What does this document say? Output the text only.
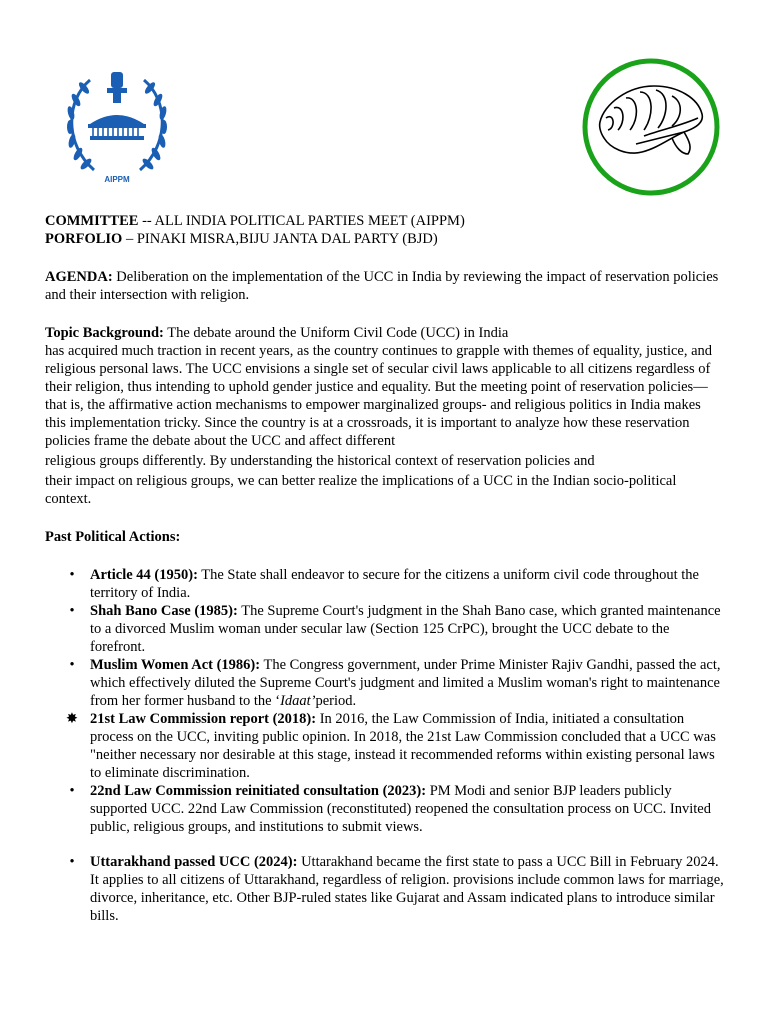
AIPPM

COMMITTEE -- ALL INDIA POLITICAL PARTIES MEET (AIPPM)

PORFOLIO – PINAKI MISRA,BIJU JANTA DAL PARTY (BJD)

AGENDA: Deliberation on the implementation of the UCC in India by reviewing the impact of reservation policies and their intersection with religion.

Topic Background: The debate around the Uniform Civil Code (UCC) in India

has acquired much traction in recent years, as the country continues to grapple with themes of equality, justice, and religious personal laws. The UCC envisions a single set of secular civil laws applicable to all citizens regardless of their religion, thus intending to uphold gender justice and equality. But the meeting point of reservation policies—that is, the affirmative action mechanisms to empower marginalized groups- and religious politics in India makes this implementation tricky. Since the country is at a crossroads, it is important to analyze how these reservation policies frame the debate about the UCC and affect different

religious groups differently. By understanding the historical context of reservation policies and

their impact on religious groups, we can better realize the implications of a UCC in the Indian socio-political context.

Past Political Actions:

•	Article 44 (1950): The State shall endeavor to secure for the citizens a uniform civil code throughout the territory of India.
•	Shah Bano Case (1985): The Supreme Court's judgment in the Shah Bano case, which granted maintenance to a divorced Muslim woman under secular law (Section 125 CrPC), brought the UCC debate to the forefront.
•	Muslim Women Act (1986): The Congress government, under Prime Minister Rajiv Gandhi, passed the act, which effectively diluted the Supreme Court's judgment and limited a Muslim woman's right to maintenance from her former husband to the ‘Idaat’period.
✸ 21st Law Commission report (2018): In 2016, the Law Commission of India, initiated a consultation process on the UCC, inviting public opinion. In 2018, the 21st Law Commission concluded that a UCC was "neither necessary nor desirable at this stage, instead it recommended reforms within existing personal laws to eliminate discrimination.
•	22nd Law Commission reinitiated consultation (2023): PM Modi and senior BJP leaders publicly supported UCC. 22nd Law Commission (reconstituted) reopened the consultation process on UCC. Invited public, religious groups, and institutions to submit views.
•	Uttarakhand passed UCC (2024): Uttarakhand became the first state to pass a UCC Bill in February 2024. It applies to all citizens of Uttarakhand, regardless of religion. provisions include common laws for marriage, divorce, inheritance, etc. Other BJP-ruled states like Gujarat and Assam indicated plans to introduce similar bills.
